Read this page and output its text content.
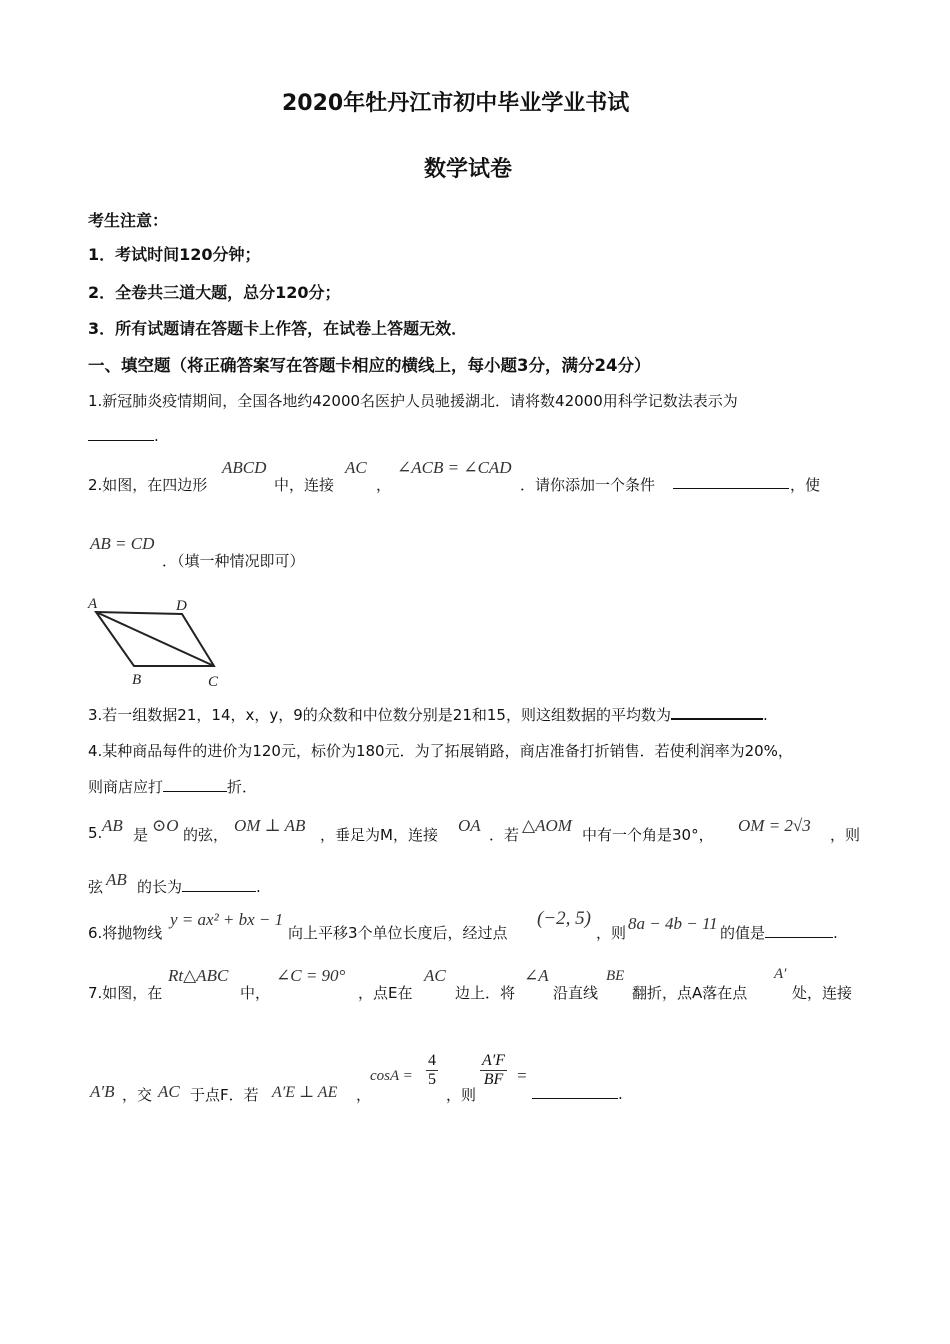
2020年牡丹江市初中毕业学业书试
数学试卷
考生注意：
1．考试时间120分钟；
2．全卷共三道大题，总分120分；
3．所有试题请在答题卡上作答，在试卷上答题无效．
一、填空题（将正确答案写在答题卡相应的横线上，每小题3分，满分24分）
1.新冠肺炎疫情期间，全国各地约42000名医护人员驰援湖北．请将数42000用科学记数法表示为
.
2.如图，在四边形
ABCD
中，连接
AC
，
∠ACB = ∠CAD
．请你添加一个条件	，使
AB = CD
．（填一种情况即可）
A	D
B	C
3.若一组数据21，14，x，y，9的众数和中位数分别是21和15，则这组数据的平均数为	.
4.某种商品每件的进价为120元，标价为180元．为了拓展销路，商店准备打折销售．若使利润率为20%，
则商店应打	折．
5. AB 是 ⊙O 的弦， OM ⊥ AB ，垂足为M，连接 OA ．若 △AOM 中有一个角是30°， OM = 2√3 ，则
弦 AB 的长为	.
6.将抛物线
y = ax² + bx − 1
向上平移3个单位长度后，经过点
(−2, 5)
，则 8a − 4b − 11 的值是	.
7.如图，在
Rt△ABC
中，
∠C = 90°
，点E在
AC
边上．将
∠A
沿直线
BE
翻折，点A落在点
A′
处，连接
A′B ，交 AC 于点F．若 A′E ⊥ AE ，
$\cos A = \frac{4}{5}$
，则
$\frac{A'F}{BF}$ =
.
